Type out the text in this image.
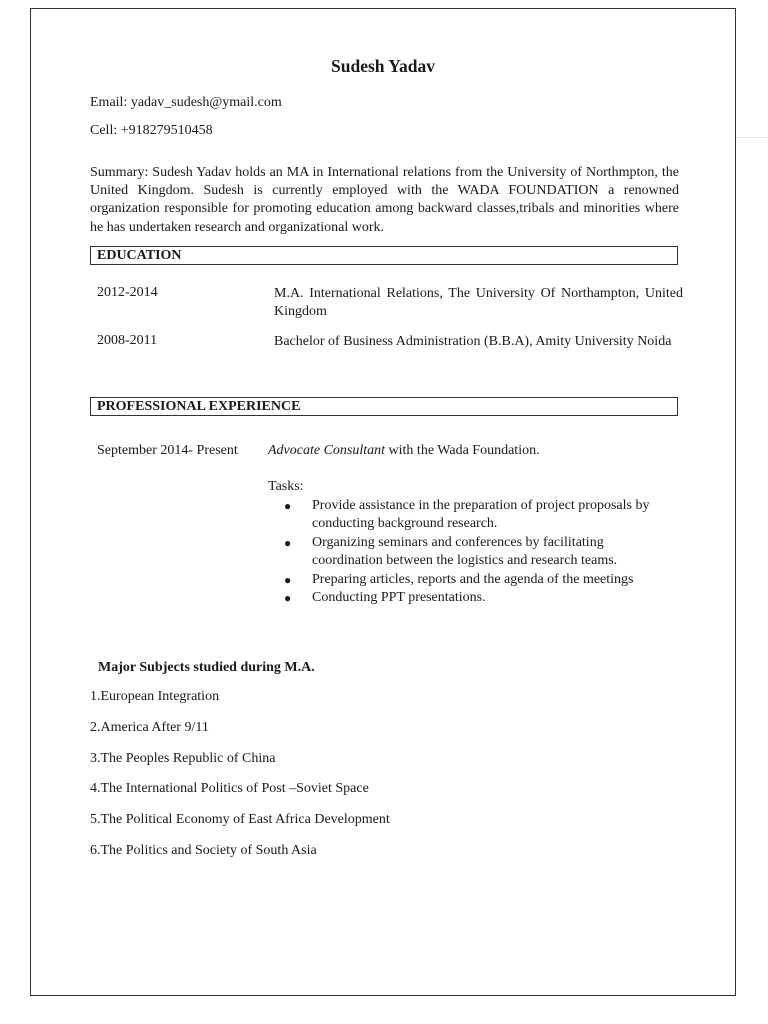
Sudesh Yadav
Email: yadav_sudesh@ymail.com
Cell: +918279510458
Summary: Sudesh Yadav holds an MA in International relations from the University of Northmpton, the United Kingdom. Sudesh is currently employed with the WADA FOUNDATION a renowned organization responsible for promoting education among backward classes,tribals and minorities where he has undertaken research and organizational work.
EDUCATION
2012-2014	M.A. International Relations, The University Of Northampton, United Kingdom
2008-2011	Bachelor of Business Administration (B.B.A), Amity University Noida
PROFESSIONAL EXPERIENCE
September 2014- Present Advocate Consultant with the Wada Foundation.
Tasks:
● Provide assistance in the preparation of project proposals by conducting background research.
● Organizing seminars and conferences by facilitating coordination between the logistics and research teams.
● Preparing articles, reports and the agenda of the meetings
● Conducting PPT presentations.
Major Subjects studied during M.A.
1.European Integration
2.America After 9/11
3.The Peoples Republic of China
4.The International Politics of Post –Soviet Space
5.The Political Economy of East Africa Development
6.The Politics and Society of South Asia
